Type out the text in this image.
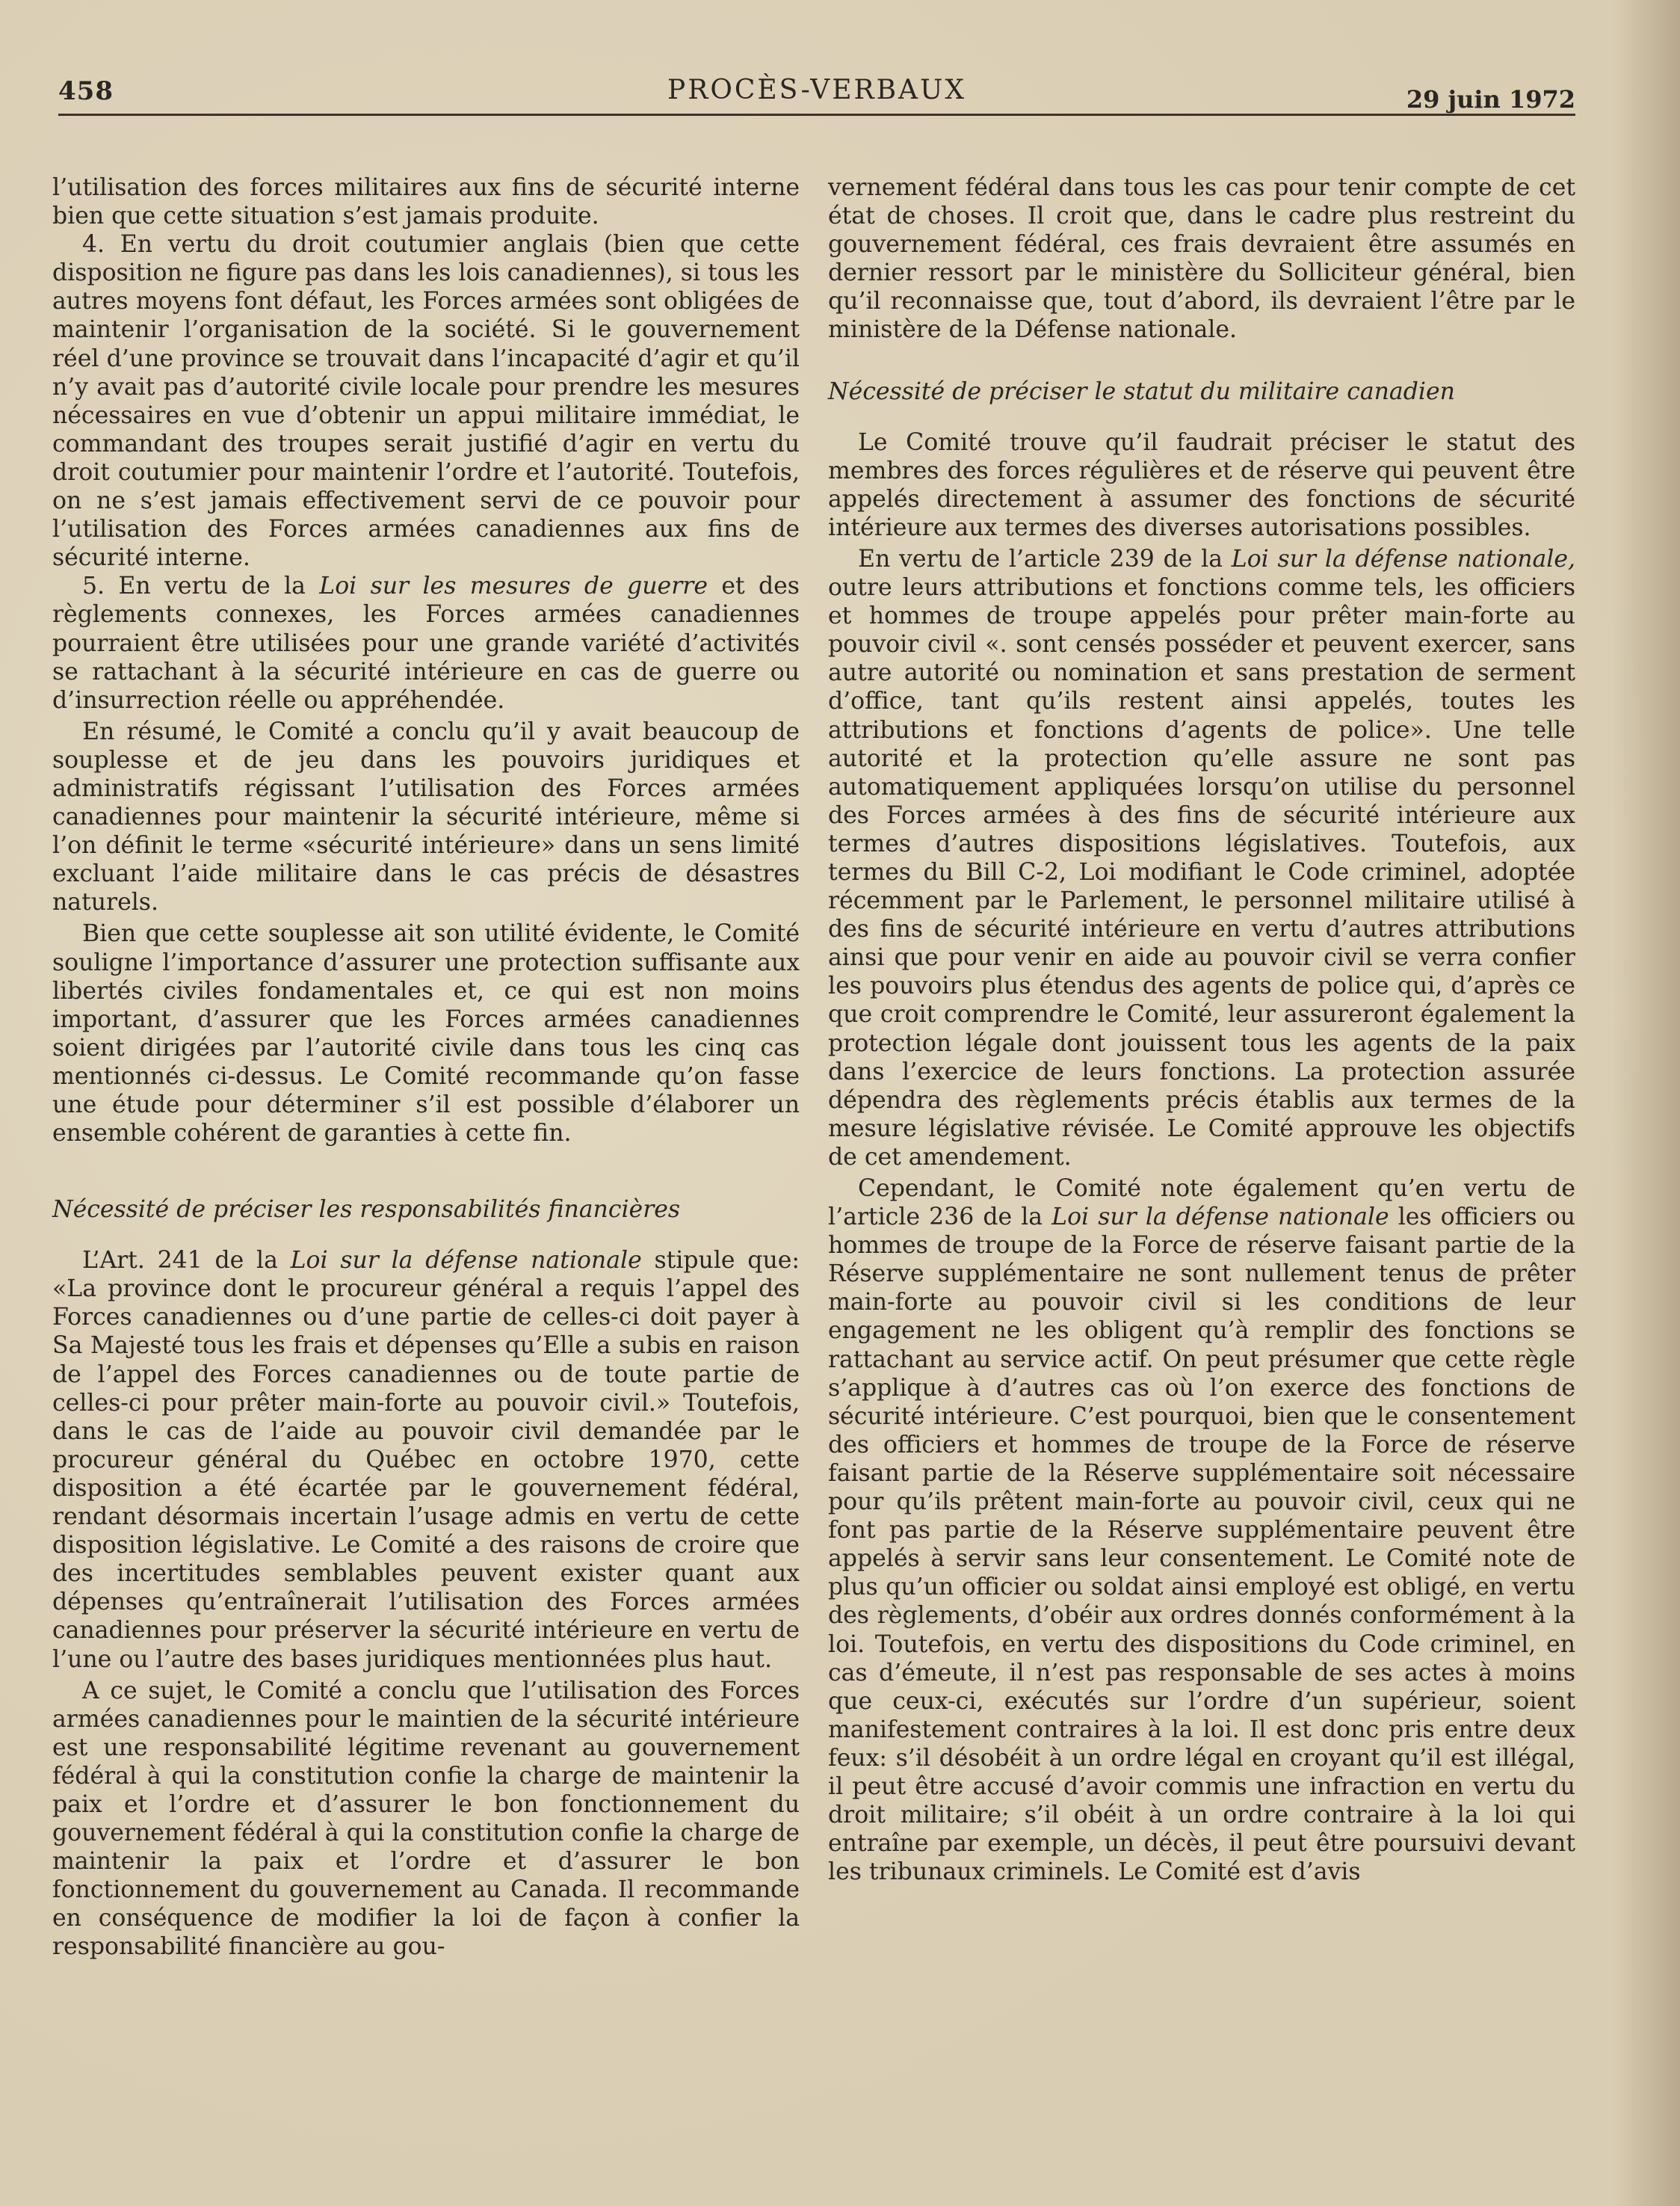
458	PROCÈS-VERBAUX	29 juin 1972

l’utilisation des forces militaires aux fins de sécurité interne bien que cette situation s’est jamais produite.

4. En vertu du droit coutumier anglais (bien que cette disposition ne figure pas dans les lois canadiennes), si tous les autres moyens font défaut, les Forces armées sont obligées de maintenir l’organisation de la société. Si le gouvernement réel d’une province se trouvait dans l’incapacité d’agir et qu’il n’y avait pas d’autorité civile locale pour prendre les mesures nécessaires en vue d’obtenir un appui militaire immédiat, le commandant des troupes serait justifié d’agir en vertu du droit coutumier pour maintenir l’ordre et l’autorité. Toutefois, on ne s’est jamais effectivement servi de ce pouvoir pour l’utilisation des Forces armées canadiennes aux fins de sécurité interne.

5. En vertu de la Loi sur les mesures de guerre et des règlements connexes, les Forces armées canadiennes pourraient être utilisées pour une grande variété d’activités se rattachant à la sécurité intérieure en cas de guerre ou d’insurrection réelle ou appréhendée.

En résumé, le Comité a conclu qu’il y avait beaucoup de souplesse et de jeu dans les pouvoirs juridiques et administratifs régissant l’utilisation des Forces armées canadiennes pour maintenir la sécurité intérieure, même si l’on définit le terme «sécurité intérieure» dans un sens limité excluant l’aide militaire dans le cas précis de désastres naturels.

Bien que cette souplesse ait son utilité évidente, le Comité souligne l’importance d’assurer une protection suffisante aux libertés civiles fondamentales et, ce qui est non moins important, d’assurer que les Forces armées canadiennes soient dirigées par l’autorité civile dans tous les cinq cas mentionnés ci-dessus. Le Comité recommande qu’on fasse une étude pour déterminer s’il est possible d’élaborer un ensemble cohérent de garanties à cette fin.

Nécessité de préciser les responsabilités financières

L’Art. 241 de la Loi sur la défense nationale stipule que: «La province dont le procureur général a requis l’appel des Forces canadiennes ou d’une partie de celles-ci doit payer à Sa Majesté tous les frais et dépenses qu’Elle a subis en raison de l’appel des Forces canadiennes ou de toute partie de celles-ci pour prêter main-forte au pouvoir civil.» Toutefois, dans le cas de l’aide au pouvoir civil demandée par le procureur général du Québec en octobre 1970, cette disposition a été écartée par le gouvernement fédéral, rendant désormais incertain l’usage admis en vertu de cette disposition législative. Le Comité a des raisons de croire que des incertitudes semblables peuvent exister quant aux dépenses qu’entraînerait l’utilisation des Forces armées canadiennes pour préserver la sécurité intérieure en vertu de l’une ou l’autre des bases juridiques mentionnées plus haut.

A ce sujet, le Comité a conclu que l’utilisation des Forces armées canadiennes pour le maintien de la sécurité intérieure est une responsabilité légitime revenant au gouvernement fédéral à qui la constitution confie la charge de maintenir la paix et l’ordre et d’assurer le bon fonctionnement du gouvernement fédéral à qui la constitution confie la charge de maintenir la paix et l’ordre et d’assurer le bon fonctionnement du gouvernement au Canada. Il recommande en conséquence de modifier la loi de façon à confier la responsabilité financière au gou-

vernement fédéral dans tous les cas pour tenir compte de cet état de choses. Il croit que, dans le cadre plus restreint du gouvernement fédéral, ces frais devraient être assumés en dernier ressort par le ministère du Solliciteur général, bien qu’il reconnaisse que, tout d’abord, ils devraient l’être par le ministère de la Défense nationale.

Nécessité de préciser le statut du militaire canadien

Le Comité trouve qu’il faudrait préciser le statut des membres des forces régulières et de réserve qui peuvent être appelés directement à assumer des fonctions de sécurité intérieure aux termes des diverses autorisations possibles.

En vertu de l’article 239 de la Loi sur la défense nationale, outre leurs attributions et fonctions comme tels, les officiers et hommes de troupe appelés pour prêter main-forte au pouvoir civil «. sont censés posséder et peuvent exercer, sans autre autorité ou nomination et sans prestation de serment d’office, tant qu’ils restent ainsi appelés, toutes les attributions et fonctions d’agents de police». Une telle autorité et la protection qu’elle assure ne sont pas automatiquement appliquées lorsqu’on utilise du personnel des Forces armées à des fins de sécurité intérieure aux termes d’autres dispositions législatives. Toutefois, aux termes du Bill C-2, Loi modifiant le Code criminel, adoptée récemment par le Parlement, le personnel militaire utilisé à des fins de sécurité intérieure en vertu d’autres attributions ainsi que pour venir en aide au pouvoir civil se verra confier les pouvoirs plus étendus des agents de police qui, d’après ce que croit comprendre le Comité, leur assureront également la protection légale dont jouissent tous les agents de la paix dans l’exercice de leurs fonctions. La protection assurée dépendra des règlements précis établis aux termes de la mesure législative révisée. Le Comité approuve les objectifs de cet amendement.

Cependant, le Comité note également qu’en vertu de l’article 236 de la Loi sur la défense nationale les officiers ou hommes de troupe de la Force de réserve faisant partie de la Réserve supplémentaire ne sont nullement tenus de prêter main-forte au pouvoir civil si les conditions de leur engagement ne les obligent qu’à remplir des fonctions se rattachant au service actif. On peut présumer que cette règle s’applique à d’autres cas où l’on exerce des fonctions de sécurité intérieure. C’est pourquoi, bien que le consentement des officiers et hommes de troupe de la Force de réserve faisant partie de la Réserve supplémentaire soit nécessaire pour qu’ils prêtent main-forte au pouvoir civil, ceux qui ne font pas partie de la Réserve supplémentaire peuvent être appelés à servir sans leur consentement. Le Comité note de plus qu’un officier ou soldat ainsi employé est obligé, en vertu des règlements, d’obéir aux ordres donnés conformément à la loi. Toutefois, en vertu des dispositions du Code criminel, en cas d’émeute, il n’est pas responsable de ses actes à moins que ceux-ci, exécutés sur l’ordre d’un supérieur, soient manifestement contraires à la loi. Il est donc pris entre deux feux: s’il désobéit à un ordre légal en croyant qu’il est illégal, il peut être accusé d’avoir commis une infraction en vertu du droit militaire; s’il obéit à un ordre contraire à la loi qui entraîne par exemple, un décès, il peut être poursuivi devant les tribunaux criminels. Le Comité est d’avis
